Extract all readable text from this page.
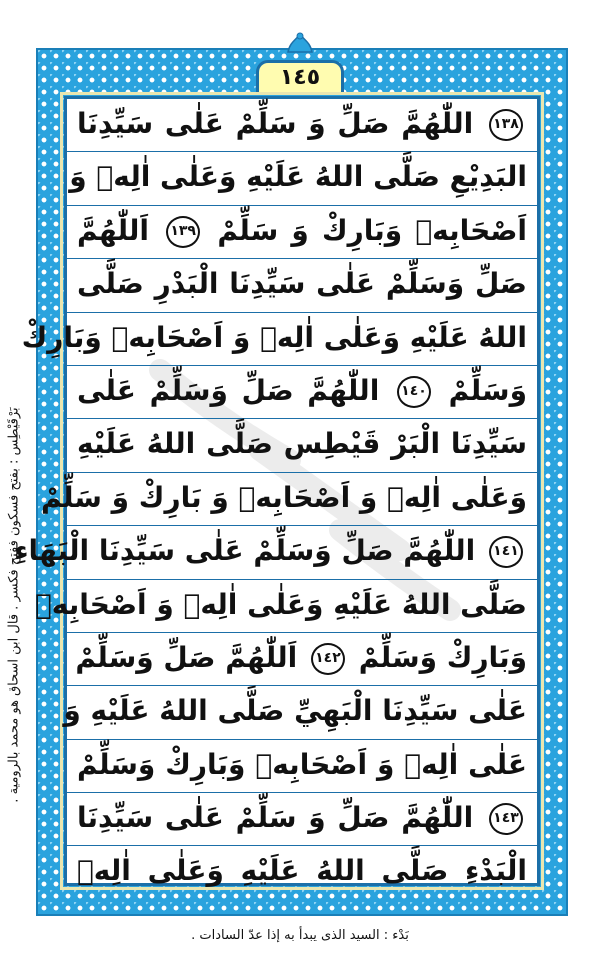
١٤٥
١٣٨ اللّٰهُمَّ صَلِّ وَ سَلِّمْ عَلٰى سَيِّدِنَا
البَدِيْعِ صَلَّى اللهُ عَلَيْهِ وَعَلٰى اٰلِهٖ وَ
اَصْحَابِهٖ وَبَارِكْ وَ سَلِّمْ ١٣٩ اَللّٰهُمَّ
صَلِّ وَسَلِّمْ عَلٰى سَيِّدِنَا الْبَدْرِ صَلَّى
اللهُ عَلَيْهِ وَعَلٰى اٰلِهٖ وَ اَصْحَابِهٖ وَبَارِكْ
وَسَلِّمْ ١٤٠ اللّٰهُمَّ صَلِّ وَسَلِّمْ عَلٰى
سَيِّدِنَا الْبَرْ قَيْطِس صَلَّى اللهُ عَلَيْهِ
وَعَلٰى اٰلِهٖ وَ اَصْحَابِهٖ وَ بَارِكْ وَ سَلِّمْ
١٤١ اللّٰهُمَّ صَلِّ وَسَلِّمْ عَلٰى سَيِّدِنَا الْبَهَاءِ
صَلَّى اللهُ عَلَيْهِ وَعَلٰى اٰلِهٖ وَ اَصْحَابِهٖ
وَبَارِكْ وَسَلِّمْ ١٤٢ اَللّٰهُمَّ صَلِّ وَسَلِّمْ
عَلٰى سَيِّدِنَا الْبَهِيِّ صَلَّى اللهُ عَلَيْهِ وَ
عَلٰى اٰلِهٖ وَ اَصْحَابِهٖ وَبَارِكْ وَسَلِّمْ
١٤٣ اللّٰهُمَّ صَلِّ وَ سَلِّمْ عَلٰى سَيِّدِنَا
الْبَدْءِ صَلَّى اللهُ عَلَيْهِ وَعَلٰى اٰلِهٖ
بَرْقَيْطِس : بفتح فسكون ففتح فكسر . قال ابن اسحاق هو محمد بالرومية .
بَدْء : السيد الذى يبدأ به إذا عدّ السادات .
